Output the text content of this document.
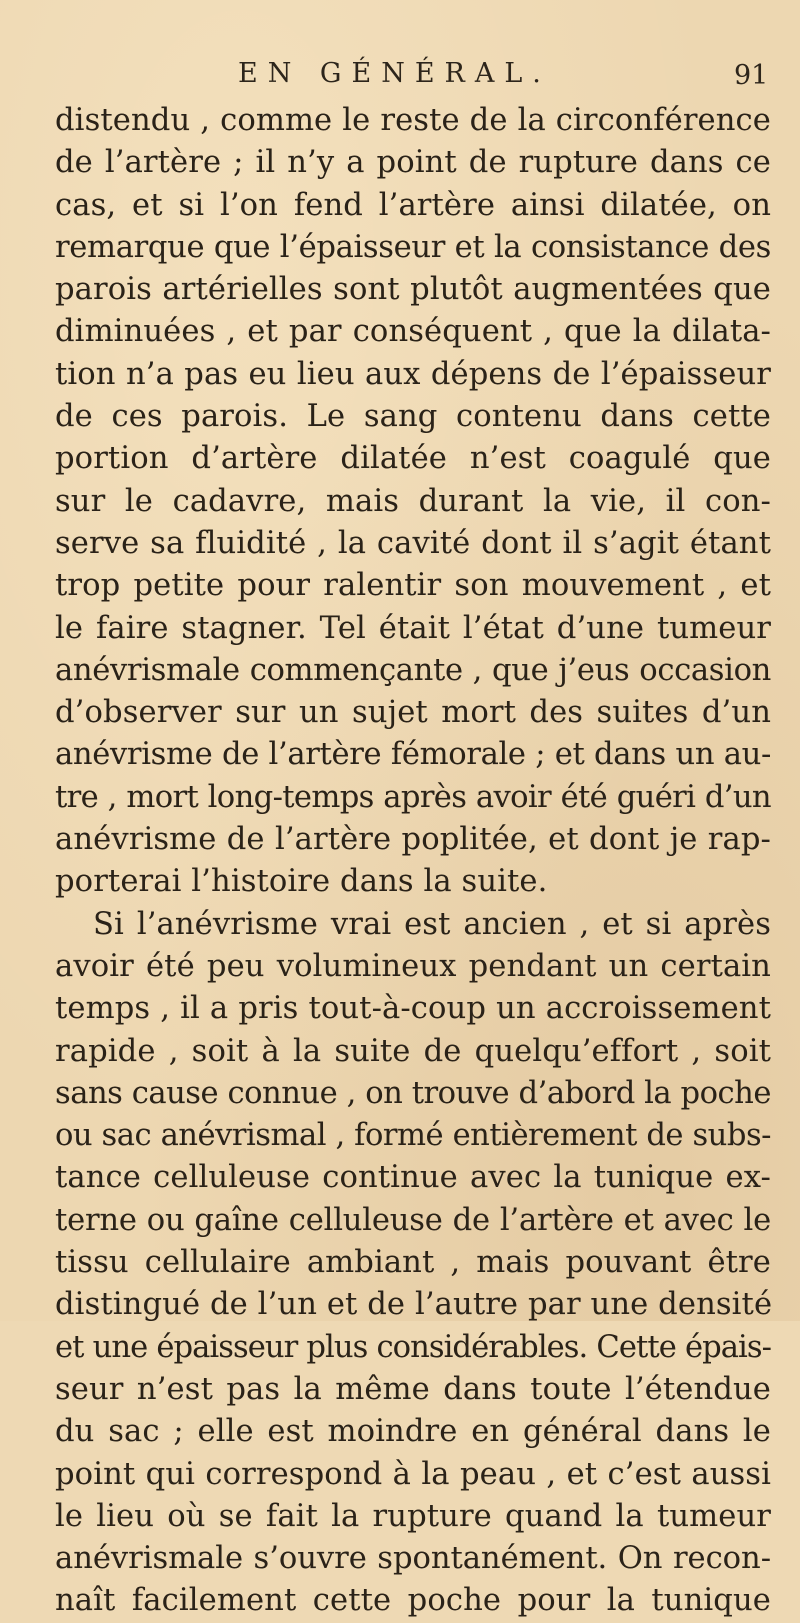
EN GÉNÉRAL.	91
distendu , comme le reste de la circonférence
de l’artère ; il n’y a point de rupture dans ce
cas, et si l’on fend l’artère ainsi dilatée, on
remarque que l’épaisseur et la consistance des
parois artérielles sont plutôt augmentées que
diminuées , et par conséquent , que la dilata-
tion n’a pas eu lieu aux dépens de l’épaisseur
de ces parois. Le sang contenu dans cette
portion d’artère dilatée n’est coagulé que
sur le cadavre, mais durant la vie, il con-
serve sa fluidité , la cavité dont il s’agit étant
trop petite pour ralentir son mouvement , et
le faire stagner. Tel était l’état d’une tumeur
anévrismale commençante , que j’eus occasion
d’observer sur un sujet mort des suites d’un
anévrisme de l’artère fémorale ; et dans un au-
tre , mort long-temps après avoir été guéri d’un
anévrisme de l’artère poplitée, et dont je rap-
porterai l’histoire dans la suite.
Si l’anévrisme vrai est ancien , et si après
avoir été peu volumineux pendant un certain
temps , il a pris tout-à-coup un accroissement
rapide , soit à la suite de quelqu’effort , soit
sans cause connue , on trouve d’abord la poche
ou sac anévrismal , formé entièrement de subs-
tance celluleuse continue avec la tunique ex-
terne ou gaîne celluleuse de l’artère et avec le
tissu cellulaire ambiant , mais pouvant être
distingué de l’un et de l’autre par une densité
et une épaisseur plus considérables. Cette épais-
seur n’est pas la même dans toute l’étendue
du sac ; elle est moindre en général dans le
point qui correspond à la peau , et c’est aussi
le lieu où se fait la rupture quand la tumeur
anévrismale s’ouvre spontanément. On recon-
naît facilement cette poche pour la tunique
